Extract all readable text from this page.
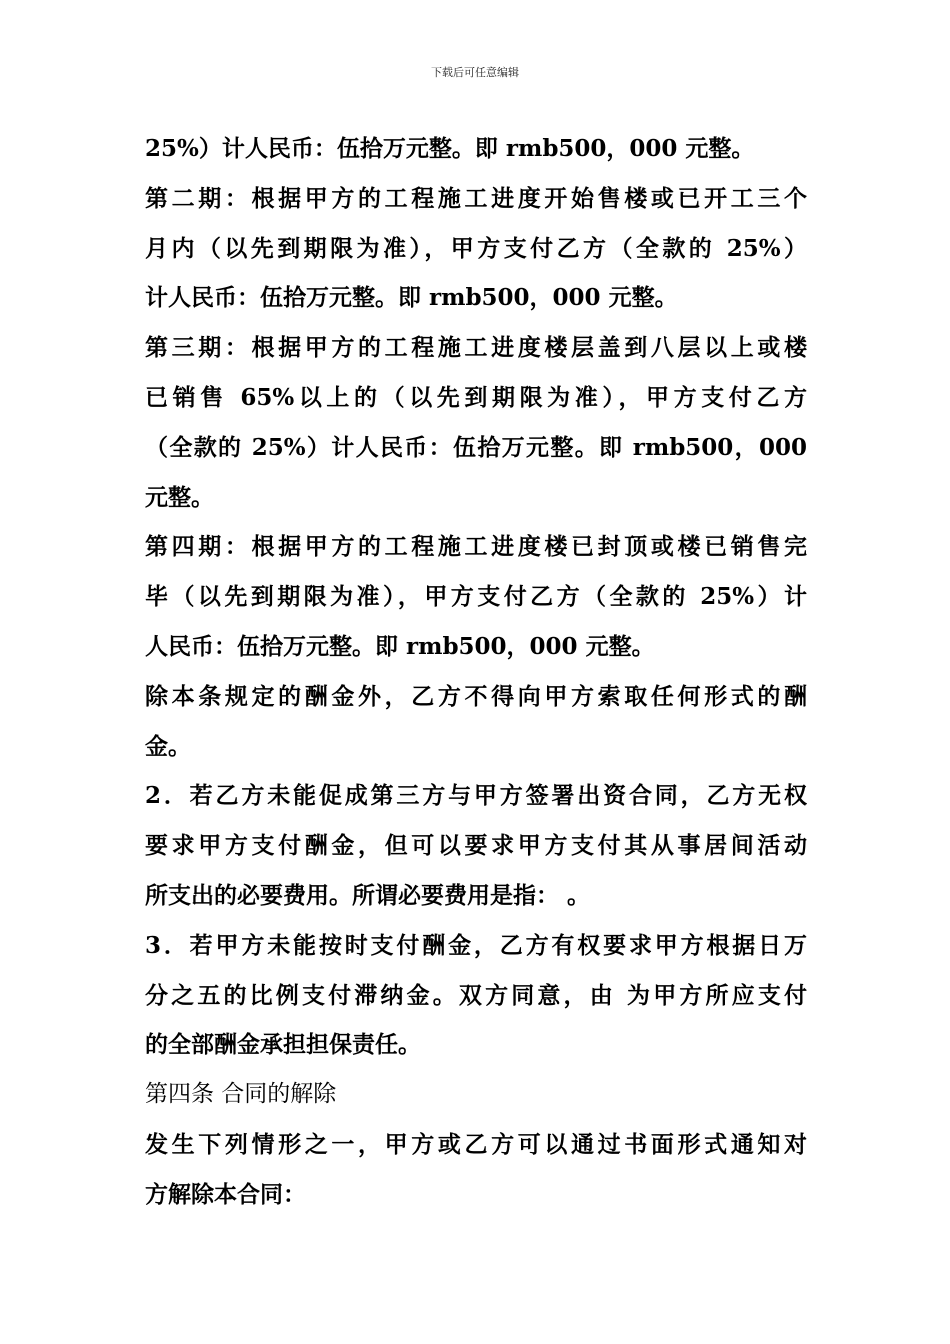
下载后可任意编辑
25%）计人民币：伍拾万元整。即 rmb500，000 元整。
第二期：根据甲方的工程施工进度开始售楼或已开工三个
月内（以先到期限为准），甲方支付乙方（全款的 25%）
计人民币：伍拾万元整。即 rmb500，000 元整。
第三期：根据甲方的工程施工进度楼层盖到八层以上或楼
已销售 65%以上的（以先到期限为准），甲方支付乙方
（全款的 25%）计人民币：伍拾万元整。即 rmb500，000
元整。
第四期：根据甲方的工程施工进度楼已封顶或楼已销售完
毕（以先到期限为准），甲方支付乙方（全款的 25%）计
人民币：伍拾万元整。即 rmb500，000 元整。
除本条规定的酬金外，乙方不得向甲方索取任何形式的酬
金。
2．若乙方未能促成第三方与甲方签署出资合同，乙方无权
要求甲方支付酬金，但可以要求甲方支付其从事居间活动
所支出的必要费用。所谓必要费用是指： 。
3．若甲方未能按时支付酬金，乙方有权要求甲方根据日万
分之五的比例支付滞纳金。双方同意，由 为甲方所应支付
的全部酬金承担担保责任。
第四条 合同的解除
发生下列情形之一，甲方或乙方可以通过书面形式通知对
方解除本合同：
